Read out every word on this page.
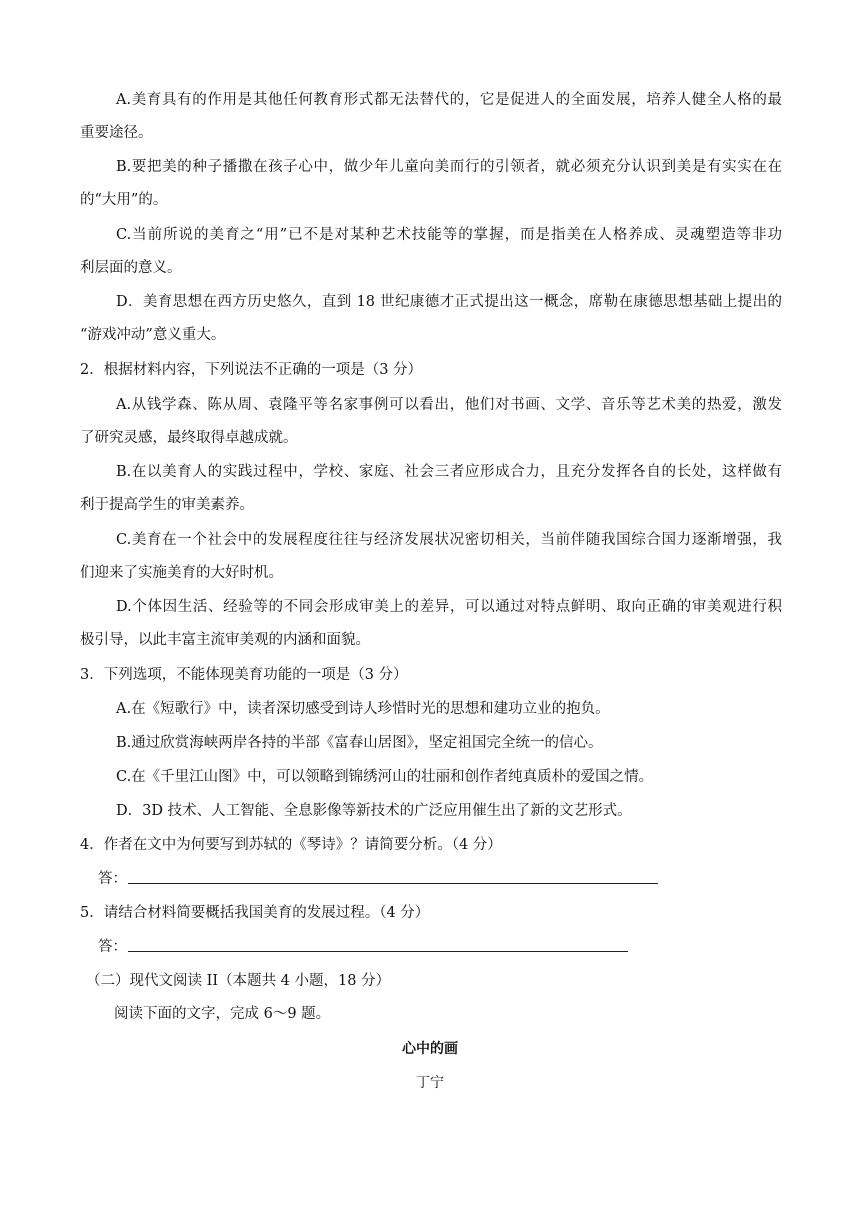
A.美育具有的作用是其他任何教育形式都无法替代的，它是促进人的全面发展，培养人健全人格的最
重要途径。
B.要把美的种子播撒在孩子心中，做少年儿童向美而行的引领者，就必须充分认识到美是有实实在在
的“大用”的。
C.当前所说的美育之“用”已不是对某种艺术技能等的掌握，而是指美在人格养成、灵魂塑造等非功
利层面的意义。
D．美育思想在西方历史悠久，直到 18 世纪康德才正式提出这一概念，席勒在康德思想基础上提出的
“游戏冲动”意义重大。
2．根据材料内容，下列说法不正确的一项是（3 分）
A.从钱学森、陈从周、袁隆平等名家事例可以看出，他们对书画、文学、音乐等艺术美的热爱，激发
了研究灵感，最终取得卓越成就。
B.在以美育人的实践过程中，学校、家庭、社会三者应形成合力，且充分发挥各自的长处，这样做有
利于提高学生的审美素养。
C.美育在一个社会中的发展程度往往与经济发展状况密切相关，当前伴随我国综合国力逐渐增强，我
们迎来了实施美育的大好时机。
D.个体因生活、经验等的不同会形成审美上的差异，可以通过对特点鲜明、取向正确的审美观进行积
极引导，以此丰富主流审美观的内涵和面貌。
3．下列选项，不能体现美育功能的一项是（3 分）
A.在《短歌行》中，读者深切感受到诗人珍惜时光的思想和建功立业的抱负。
B.通过欣赏海峡两岸各持的半部《富春山居图》，坚定祖国完全统一的信心。
C.在《千里江山图》中，可以领略到锦绣河山的壮丽和创作者纯真质朴的爱国之情。
D．3D 技术、人工智能、全息影像等新技术的广泛应用催生出了新的文艺形式。
4．作者在文中为何要写到苏轼的《琴诗》？请简要分析。（4 分）
答：
5．请结合材料简要概括我国美育的发展过程。（4 分）
答：
（二）现代文阅读 II（本题共 4 小题，18 分）
阅读下面的文字，完成 6～9 题。
心中的画
丁宁
